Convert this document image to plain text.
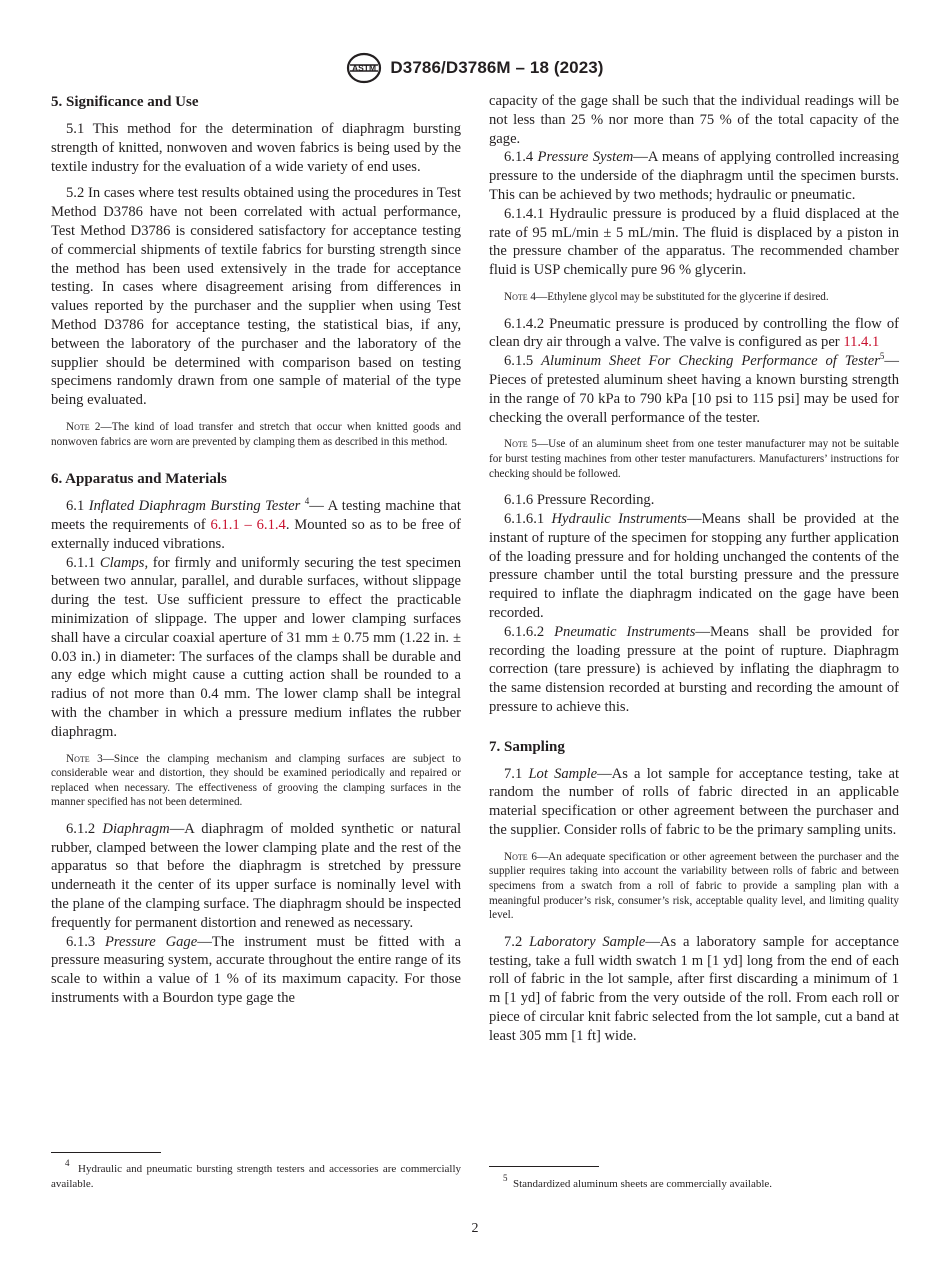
ASTM D3786/D3786M – 18 (2023)
5. Significance and Use

5.1 This method for the determination of diaphragm bursting strength of knitted, nonwoven and woven fabrics is being used by the textile industry for the evaluation of a wide variety of end uses.

5.2 In cases where test results obtained using the procedures in Test Method D3786 have not been correlated with actual performance, Test Method D3786 is considered satisfactory for acceptance testing of commercial shipments of textile fabrics for bursting strength since the method has been used extensively in the trade for acceptance testing. In cases where disagreement arising from differences in values reported by the purchaser and the supplier when using Test Method D3786 for acceptance testing, the statistical bias, if any, between the laboratory of the purchaser and the laboratory of the supplier should be determined with comparison based on testing specimens randomly drawn from one sample of material of the type being evaluated.

Note 2—The kind of load transfer and stretch that occur when knitted goods and nonwoven fabrics are worn are prevented by clamping them as described in this method.
6. Apparatus and Materials

6.1 Inflated Diaphragm Bursting Tester $^4$— A testing machine that meets the requirements of 6.1.1 – 6.1.4. Mounted so as to be free of externally induced vibrations.

6.1.1 Clamps, for firmly and uniformly securing the test specimen between two annular, parallel, and durable surfaces, without slippage during the test. Use sufficient pressure to effect the practicable minimization of slippage. The upper and lower clamping surfaces shall have a circular coaxial aperture of 31 mm ± 0.75 mm (1.22 in. ± 0.03 in.) in diameter: The surfaces of the clamps shall be durable and any edge which might cause a cutting action shall be rounded to a radius of not more than 0.4 mm. The lower clamp shall be integral with the chamber in which a pressure medium inflates the rubber diaphragm.

Note 3—Since the clamping mechanism and clamping surfaces are subject to considerable wear and distortion, they should be examined periodically and repaired or replaced when necessary. The effectiveness of grooving the clamping surfaces in the manner specified has not been determined.

6.1.2 Diaphragm—A diaphragm of molded synthetic or natural rubber, clamped between the lower clamping plate and the rest of the apparatus so that before the diaphragm is stretched by pressure underneath it the center of its upper surface is nominally level with the plane of the clamping surface. The diaphragm should be inspected frequently for permanent distortion and renewed as necessary.

6.1.3 Pressure Gage—The instrument must be fitted with a pressure measuring system, accurate throughout the entire range of its scale to within a value of 1 % of its maximum capacity. For those instruments with a Bourdon type gage the

capacity of the gage shall be such that the individual readings will be not less than 25 % nor more than 75 % of the total capacity of the gage.

6.1.4 Pressure System—A means of applying controlled increasing pressure to the underside of the diaphragm until the specimen bursts. This can be achieved by two methods; hydraulic or pneumatic.

6.1.4.1 Hydraulic pressure is produced by a fluid displaced at the rate of 95 mL/min ± 5 mL/min. The fluid is displaced by a piston in the pressure chamber of the apparatus. The recommended chamber fluid is USP chemically pure 96 % glycerin.

Note 4—Ethylene glycol may be substituted for the glycerine if desired.

6.1.4.2 Pneumatic pressure is produced by controlling the flow of clean dry air through a valve. The valve is configured as per 11.4.1

6.1.5 Aluminum Sheet For Checking Performance of Tester$^5$—Pieces of pretested aluminum sheet having a known bursting strength in the range of 70 kPa to 790 kPa [10 psi to 115 psi] may be used for checking the overall performance of the tester.

Note 5—Use of an aluminum sheet from one tester manufacturer may not be suitable for burst testing machines from other tester manufacturers. Manufacturers’ instructions for checking should be followed.

6.1.6 Pressure Recording.

6.1.6.1 Hydraulic Instruments—Means shall be provided at the instant of rupture of the specimen for stopping any further application of the loading pressure and for holding unchanged the contents of the pressure chamber until the total bursting pressure and the pressure required to inflate the diaphragm indicated on the gage have been recorded.

6.1.6.2 Pneumatic Instruments—Means shall be provided for recording the loading pressure at the point of rupture. Diaphragm correction (tare pressure) is achieved by inflating the diaphragm to the same distension recorded at bursting and recording the amount of pressure to achieve this.

7. Sampling

7.1 Lot Sample—As a lot sample for acceptance testing, take at random the number of rolls of fabric directed in an applicable material specification or other agreement between the purchaser and the supplier. Consider rolls of fabric to be the primary sampling units.

Note 6—An adequate specification or other agreement between the purchaser and the supplier requires taking into account the variability between rolls of fabric and between specimens from a swatch from a roll of fabric to provide a sampling plan with a meaningful producer’s risk, consumer’s risk, acceptable quality level, and limiting quality level.

7.2 Laboratory Sample—As a laboratory sample for acceptance testing, take a full width swatch 1 m [1 yd] long from the end of each roll of fabric in the lot sample, after first discarding a minimum of 1 m [1 yd] of fabric from the very outside of the roll. From each roll or piece of circular knit fabric selected from the lot sample, cut a band at least 305 mm [1 ft] wide.

$^4$ Hydraulic and pneumatic bursting strength testers and accessories are commercially available.	$^5$ Standardized aluminum sheets are commercially available.
2
